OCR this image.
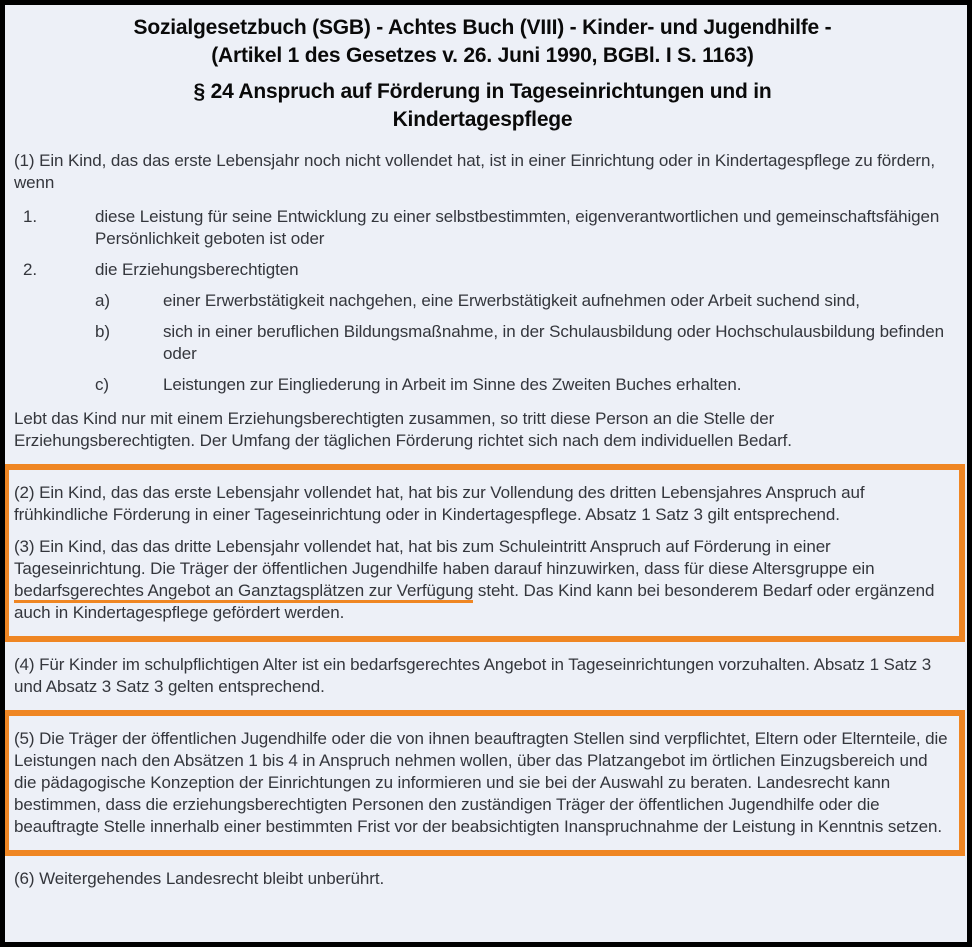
Sozialgesetzbuch (SGB) - Achtes Buch (VIII) - Kinder- und Jugendhilfe -
(Artikel 1 des Gesetzes v. 26. Juni 1990, BGBl. I S. 1163)
§ 24 Anspruch auf Förderung in Tageseinrichtungen und in
Kindertagespflege

(1) Ein Kind, das das erste Lebensjahr noch nicht vollendet hat, ist in einer Einrichtung oder in Kindertagespflege zu fördern, wenn

1.	diese Leistung für seine Entwicklung zu einer selbstbestimmten, eigenverantwortlichen und gemeinschaftsfähigen Persönlichkeit geboten ist oder
2.	die Erziehungsberechtigten
a)	einer Erwerbstätigkeit nachgehen, eine Erwerbstätigkeit aufnehmen oder Arbeit suchend sind,
b)	sich in einer beruflichen Bildungsmaßnahme, in der Schulausbildung oder Hochschulausbildung befinden oder
c)	Leistungen zur Eingliederung in Arbeit im Sinne des Zweiten Buches erhalten.

Lebt das Kind nur mit einem Erziehungsberechtigten zusammen, so tritt diese Person an die Stelle der Erziehungsberechtigten. Der Umfang der täglichen Förderung richtet sich nach dem individuellen Bedarf.

(2) Ein Kind, das das erste Lebensjahr vollendet hat, hat bis zur Vollendung des dritten Lebensjahres Anspruch auf frühkindliche Förderung in einer Tageseinrichtung oder in Kindertagespflege. Absatz 1 Satz 3 gilt entsprechend.

(3) Ein Kind, das das dritte Lebensjahr vollendet hat, hat bis zum Schuleintritt Anspruch auf Förderung in einer Tageseinrichtung. Die Träger der öffentlichen Jugendhilfe haben darauf hinzuwirken, dass für diese Altersgruppe ein bedarfsgerechtes Angebot an Ganztagsplätzen zur Verfügung steht. Das Kind kann bei besonderem Bedarf oder ergänzend auch in Kindertagespflege gefördert werden.

(4) Für Kinder im schulpflichtigen Alter ist ein bedarfsgerechtes Angebot in Tageseinrichtungen vorzuhalten. Absatz 1 Satz 3 und Absatz 3 Satz 3 gelten entsprechend.

(5) Die Träger der öffentlichen Jugendhilfe oder die von ihnen beauftragten Stellen sind verpflichtet, Eltern oder Elternteile, die Leistungen nach den Absätzen 1 bis 4 in Anspruch nehmen wollen, über das Platzangebot im örtlichen Einzugsbereich und die pädagogische Konzeption der Einrichtungen zu informieren und sie bei der Auswahl zu beraten. Landesrecht kann bestimmen, dass die erziehungsberechtigten Personen den zuständigen Träger der öffentlichen Jugendhilfe oder die beauftragte Stelle innerhalb einer bestimmten Frist vor der beabsichtigten Inanspruchnahme der Leistung in Kenntnis setzen.

(6) Weitergehendes Landesrecht bleibt unberührt.
